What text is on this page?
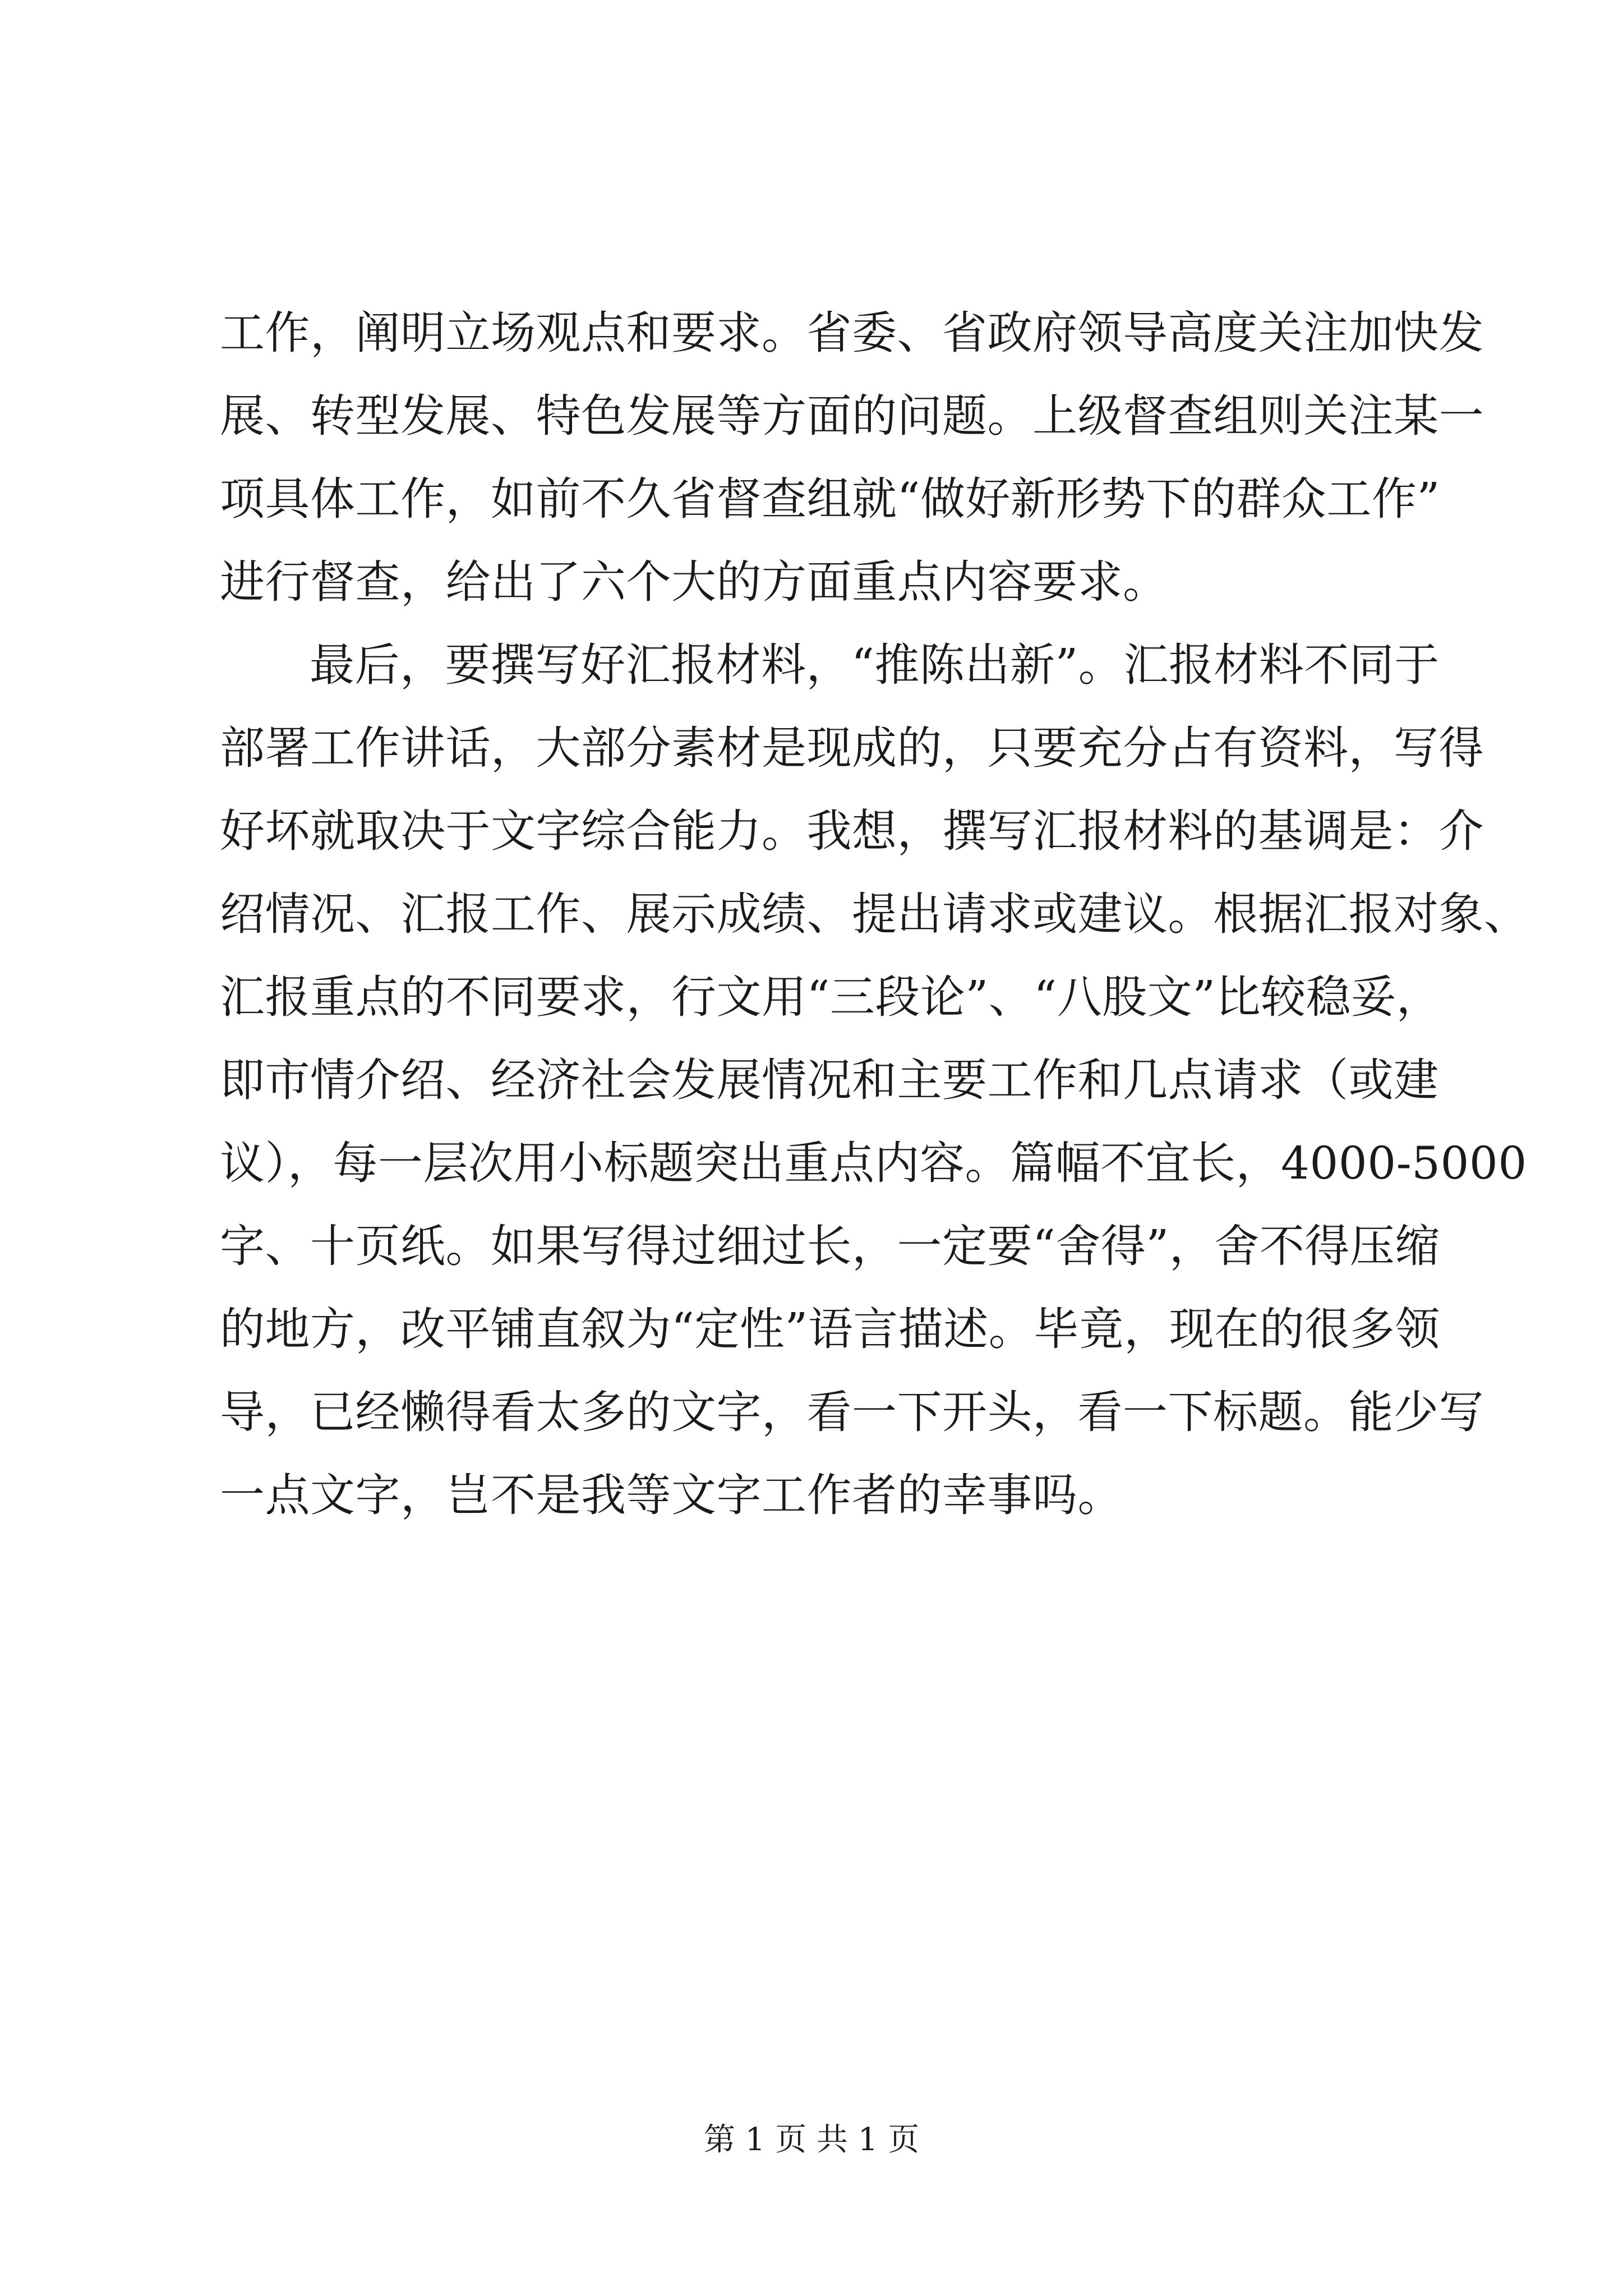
工作，阐明立场观点和要求。省委、省政府领导高度关注加快发
展、转型发展、特色发展等方面的问题。上级督查组则关注某一
项具体工作，如前不久省督查组就“做好新形势下的群众工作”
进行督查，给出了六个大的方面重点内容要求。
最后，要撰写好汇报材料，“推陈出新”。汇报材料不同于
部署工作讲话，大部分素材是现成的，只要充分占有资料，写得
好坏就取决于文字综合能力。我想，撰写汇报材料的基调是：介
绍情况、汇报工作、展示成绩、提出请求或建议。根据汇报对象、
汇报重点的不同要求，行文用“三段论”、“八股文”比较稳妥，
即市情介绍、经济社会发展情况和主要工作和几点请求（或建
议），每一层次用小标题突出重点内容。篇幅不宜长，4000-5000
字、十页纸。如果写得过细过长，一定要“舍得”，舍不得压缩
的地方，改平铺直叙为“定性”语言描述。毕竟，现在的很多领
导，已经懒得看太多的文字，看一下开头，看一下标题。能少写
一点文字，岂不是我等文字工作者的幸事吗。
第 1 页 共 1 页
